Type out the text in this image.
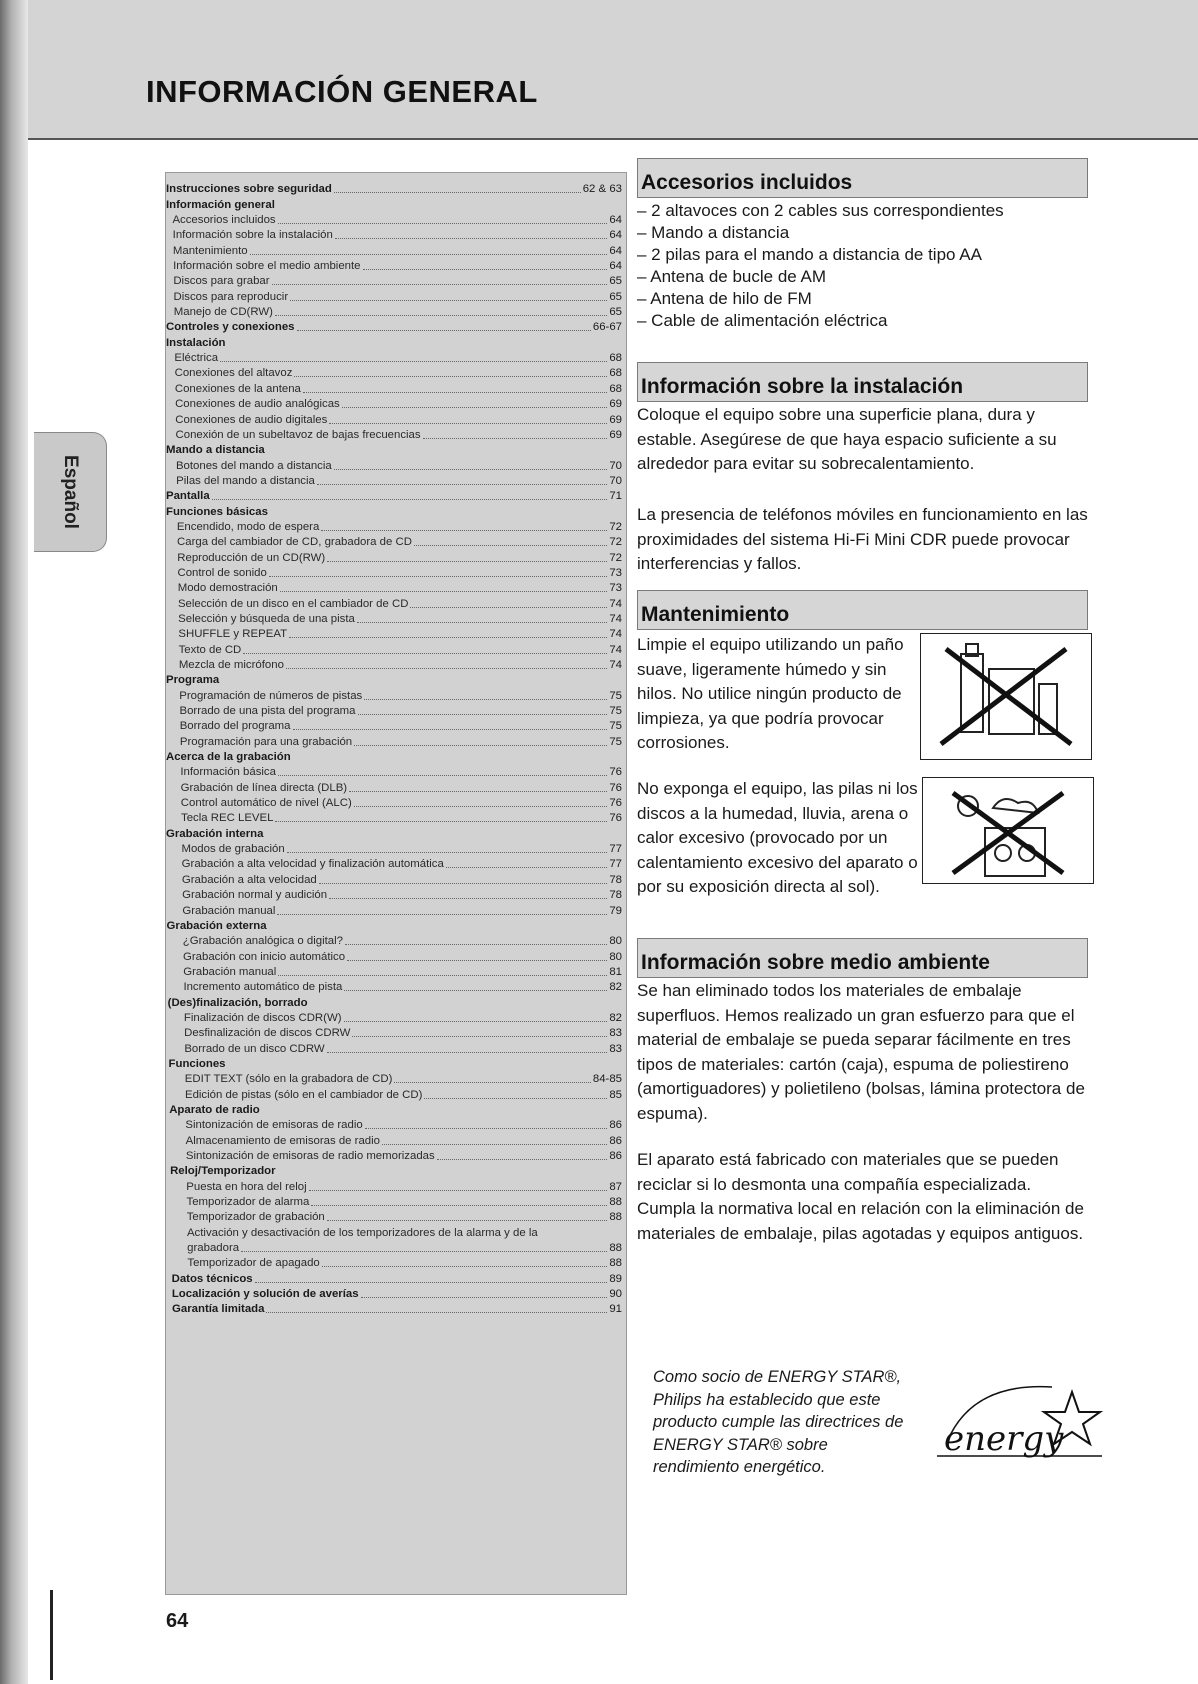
INFORMACIÓN GENERAL
Español
Instrucciones sobre seguridad	62 & 63
Información general
Accesorios incluidos	64
Información sobre la instalación	64
Mantenimiento	64
Información sobre el medio ambiente	64
Discos para grabar	65
Discos para reproducir	65
Manejo de CD(RW)	65
Controles y conexiones	66-67
Instalación
Eléctrica	68
Conexiones del altavoz	68
Conexiones de la antena	68
Conexiones de audio analógicas	69
Conexiones de audio digitales	69
Conexión de un subeltavoz de bajas frecuencias	69
Mando a distancia
Botones del mando a distancia	70
Pilas del mando a distancia	70
Pantalla	71
Funciones básicas
Encendido, modo de espera	72
Carga del cambiador de CD, grabadora de CD	72
Reproducción de un CD(RW)	72
Control de sonido	73
Modo demostración	73
Selección de un disco en el cambiador de CD	74
Selección y búsqueda de una pista	74
SHUFFLE y REPEAT	74
Texto de CD	74
Mezcla de micrófono	74
Programa
Programación de números de pistas	75
Borrado de una pista del programa	75
Borrado del programa	75
Programación para una grabación	75
Acerca de la grabación
Información básica	76
Grabación de línea directa (DLB)	76
Control automático de nivel (ALC)	76
Tecla REC LEVEL	76
Grabación interna
Modos de grabación	77
Grabación a alta velocidad y finalización automática	77
Grabación a alta velocidad	78
Grabación normal y audición	78
Grabación manual	79
Grabación externa
¿Grabación analógica o digital?	80
Grabación con inicio automático	80
Grabación manual	81
Incremento automático de pista	82
(Des)finalización, borrado
Finalización de discos CDR(W)	82
Desfinalización de discos CDRW	83
Borrado de un disco CDRW	83
Funciones
EDIT TEXT (sólo en la grabadora de CD)	84-85
Edición de pistas (sólo en el cambiador de CD)	85
Aparato de radio
Sintonización de emisoras de radio	86
Almacenamiento de emisoras de radio	86
Sintonización de emisoras de radio memorizadas	86
Reloj/Temporizador
Puesta en hora del reloj	87
Temporizador de alarma	88
Temporizador de grabación	88
Activación y desactivación de los temporizadores de la alarma y de la
grabadora	88
Temporizador de apagado	88
Datos técnicos	89
Localización y solución de averías	90
Garantía limitada	91
Accesorios incluidos
– 2 altavoces con 2 cables sus correspondientes
– Mando a distancia
– 2 pilas para el mando a distancia de tipo AA
– Antena de bucle de AM
– Antena de hilo de FM
– Cable de alimentación eléctrica
Información sobre la instalación

Coloque el equipo sobre una superficie plana, dura y estable. Asegúrese de que haya espacio suficiente a su alrededor para evitar su sobrecalentamiento.

La presencia de teléfonos móviles en funcionamiento en las proximidades del sistema Hi-Fi Mini CDR puede provocar interferencias y fallos.

Mantenimiento

Limpie el equipo utilizando un paño suave, ligeramente húmedo y sin hilos. No utilice ningún producto de limpieza, ya que podría provocar corrosiones.

No exponga el equipo, las pilas ni los discos a la humedad, lluvia, arena o calor excesivo (provocado por un calentamiento excesivo del aparato o por su exposición directa al sol).

Información sobre medio ambiente

Se han eliminado todos los materiales de embalaje superfluos. Hemos realizado un gran esfuerzo para que el material de embalaje se pueda separar fácilmente en tres tipos de materiales: cartón (caja), espuma de poliestireno (amortiguadores) y polietileno (bolsas, lámina protectora de espuma).

El aparato está fabricado con materiales que se pueden reciclar si lo desmonta una compañía especializada. Cumpla la normativa local en relación con la eliminación de materiales de embalaje, pilas agotadas y equipos antiguos.

Como socio de ENERGY STAR®, Philips ha establecido que este producto cumple las directrices de ENERGY STAR® sobre rendimiento energético.

energy
64
